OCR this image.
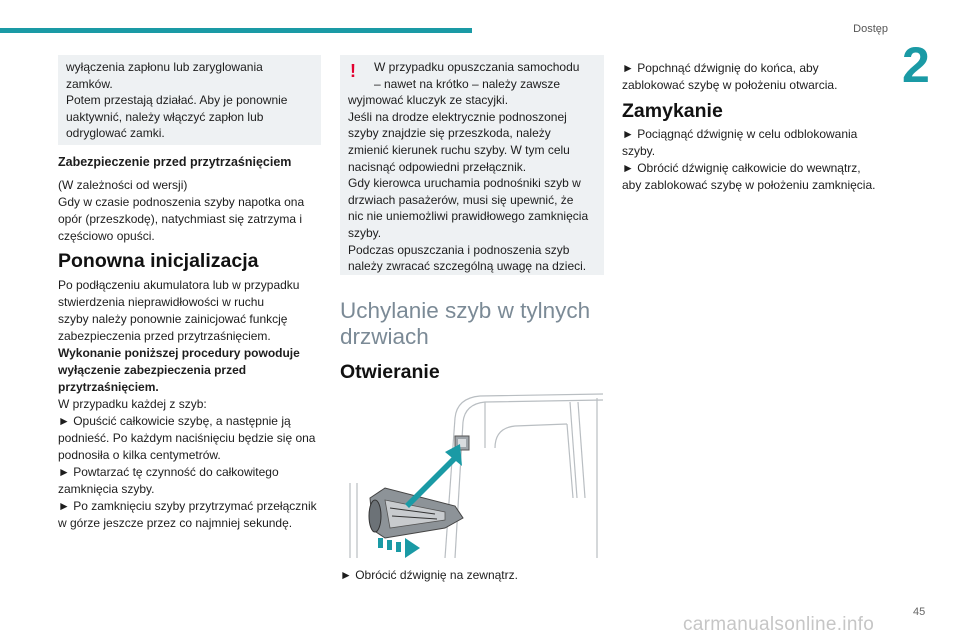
Dostęp
2

wyłączenia zapłonu lub zaryglowania

zamków.

Potem przestają działać. Aby je ponownie

uaktywnić, należy włączyć zapłon lub

odryglować zamki.

Zabezpieczenie przed przytrzaśnięciem

(W zależności od wersji)

Gdy w czasie podnoszenia szyby napotka ona

opór (przeszkodę), natychmiast się zatrzyma i

częściowo opuści.

Ponowna inicjalizacja

Po podłączeniu akumulatora lub w przypadku

stwierdzenia nieprawidłowości w ruchu

szyby należy ponownie zainicjować funkcję

zabezpieczenia przed przytrzaśnięciem.

Wykonanie poniższej procedury powoduje

wyłączenie zabezpieczenia przed

przytrzaśnięciem.

W przypadku każdej z szyb:

► Opuścić całkowicie szybę, a następnie ją

podnieść. Po każdym naciśnięciu będzie się ona

podnosiła o kilka centymetrów.

► Powtarzać tę czynność do całkowitego

zamknięcia szyby.

► Po zamknięciu szyby przytrzymać przełącznik

w górze jeszcze przez co najmniej sekundę.

!	W przypadku opuszczania samochodu

– nawet na krótko – należy zawsze

wyjmować kluczyk ze stacyjki.

Jeśli na drodze elektrycznie podnoszonej

szyby znajdzie się przeszkoda, należy

zmienić kierunek ruchu szyby. W tym celu

nacisnąć odpowiedni przełącznik.

Gdy kierowca uruchamia podnośniki szyb w

drzwiach pasażerów, musi się upewnić, że

nic nie uniemożliwi prawidłowego zamknięcia

szyby.

Podczas opuszczania i podnoszenia szyb

należy zwracać szczególną uwagę na dzieci.

Uchylanie szyb w tylnych
drzwiach
Otwieranie
► Obrócić dźwignię na zewnątrz.

► Popchnąć dźwignię do końca, aby

zablokować szybę w położeniu otwarcia.

Zamykanie

► Pociągnąć dźwignię w celu odblokowania

szyby.

► Obrócić dźwignię całkowicie do wewnątrz,

aby zablokować szybę w położeniu zamknięcia.

carmanualsonline.info
45
